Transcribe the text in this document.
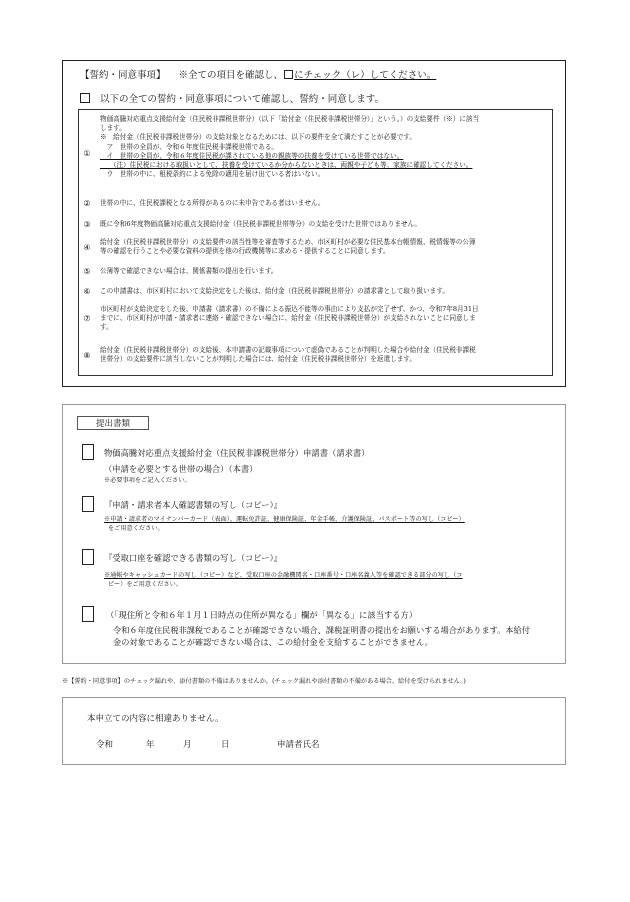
【誓約・同意事項】 ※全ての項目を確認し、 にチェック（レ）してください。
以下の全ての誓約・同意事項について確認し、誓約・同意します。
①
物価高騰対応重点支援給付金（住民税非課税世帯分）（以下「給付金（住民税非課税世帯分）」という。）の支給要件（※）に該当
します。
※　給付金（住民税非課税世帯分）の支給対象となるためには、以下の要件を全て満たすことが必要です。
　ア　世帯の全員が、令和６年度住民税非課税世帯である。
　イ　世帯の全員が、令和６年度住民税が課されている他の親族等の扶養を受けている世帯ではない。
　　（注）住民税における取扱いとして、扶養を受けているか分からないときは、両親や子ども等、家族に確認してください。
　ウ　世帯の中に、租税条約による免除の適用を届け出ている者はいない。
②	世帯の中に、住民税課税となる所得があるのに未申告である者はいません。
③	既に令和6年度物価高騰対応重点支援給付金（住民税非課税世帯等分）の支給を受けた世帯ではありません。
④
給付金（住民税非課税世帯分）の支給要件の該当性等を審査等するため、市区町村が必要な住民基本台帳情報、税情報等の公簿
等の確認を行うことや必要な資料の提供を他の行政機関等に求める・提供することに同意します。
⑤	公簿等で確認できない場合は、関係書類の提出を行います。
⑥	この申請書は、市区町村において支給決定をした後は、給付金（住民税非課税世帯分）の請求書として取り扱います。
⑦
市区町村が支給決定をした後、申請書（請求書）の不備による振込不能等の事由により支払が完了せず、かつ、令和7年8月31日
までに、市区町村が申請・請求者に連絡・確認できない場合に、給付金（住民税非課税世帯分）が支給されないことに同意しま
す。
⑧
給付金（住民税非課税世帯分）の支給後、本申請書の記載事項について虚偽であることが判明した場合や給付金（住民税非課税
世帯分）の支給要件に該当しないことが判明した場合には、給付金（住民税非課税世帯分）を返還します。
提出書類
物価高騰対応重点支援給付金（住民税非課税世帯分）申請書（請求書）
（申請を必要とする世帯の場合）（本書）
※必要事項をご記入ください。
『申請・請求者本人確認書類の写し（コピー）』
※申請・請求者のマイナンバーカード（表面）、運転免許証、健康保険証、年金手帳、介護保険証、パスポート等の写し（コピー）
をご用意ください。
『受取口座を確認できる書類の写し（コピー）』
※通帳やキャッシュカードの写し（コピー）など、受取口座の金融機関名・口座番号・口座名義人等を確認できる部分の写し（コ
ピー）をご用意ください。
（「現住所と令和６年１月１日時点の住所が異なる」欄が「異なる」に該当する方）
令和６年度住民税非課税であることが確認できない場合、課税証明書の提出をお願いする場合があります。本給付
金の対象であることが確認できない場合は、この給付金を支給することができません。
※【誓約・同意事項】のチェック漏れや、添付書類の不備はありませんか。(チェック漏れや添付書類の不備がある場合、給付を受けられません。)
本申立ての内容に相違ありません。
令和	年	月	日	申請者氏名
